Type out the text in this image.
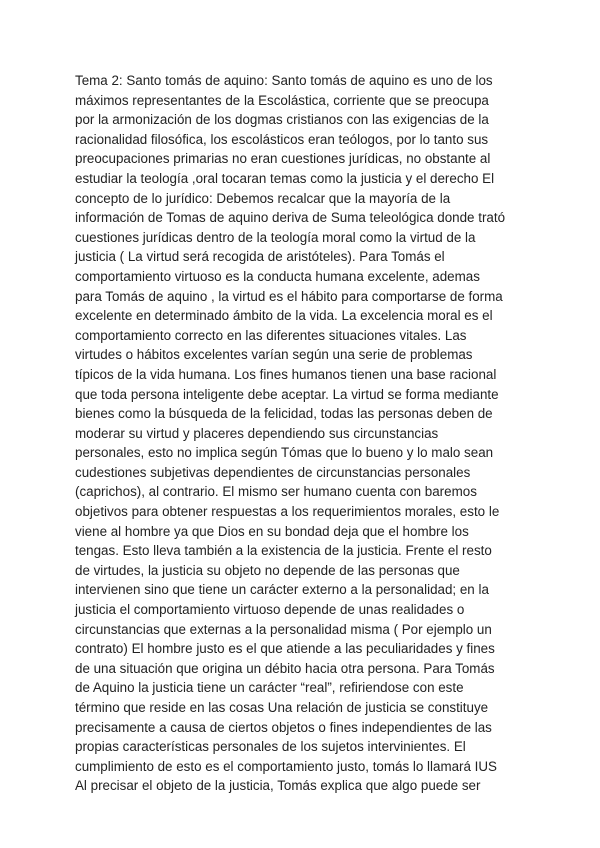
Tema 2: Santo tomás de aquino: Santo tomás de aquino es uno de los
máximos representantes de la Escolástica, corriente que se preocupa
por la armonización de los dogmas cristianos con las exigencias de la
racionalidad filosófica, los escolásticos eran teólogos, por lo tanto sus
preocupaciones primarias no eran cuestiones jurídicas, no obstante al
estudiar la teología ,oral tocaran temas como la justicia y el derecho El
concepto de lo jurídico: Debemos recalcar que la mayoría de la
información de Tomas de aquino deriva de Suma teleológica donde trató
cuestiones jurídicas dentro de la teología moral como la virtud de la
justicia ( La virtud será recogida de aristóteles). Para Tomás el
comportamiento virtuoso es la conducta humana excelente, ademas
para Tomás de aquino , la virtud es el hábito para comportarse de forma
excelente en determinado ámbito de la vida. La excelencia moral es el
comportamiento correcto en las diferentes situaciones vitales. Las
virtudes o hábitos excelentes varían según una serie de problemas
típicos de la vida humana. Los fines humanos tienen una base racional
que toda persona inteligente debe aceptar. La virtud se forma mediante
bienes como la búsqueda de la felicidad, todas las personas deben de
moderar su virtud y placeres dependiendo sus circunstancias
personales, esto no implica según Tómas que lo bueno y lo malo sean
cudestiones subjetivas dependientes de circunstancias personales
(caprichos), al contrario. El mismo ser humano cuenta con baremos
objetivos para obtener respuestas a los requerimientos morales, esto le
viene al hombre ya que Dios en su bondad deja que el hombre los
tengas. Esto lleva también a la existencia de la justicia. Frente el resto
de virtudes, la justicia su objeto no depende de las personas que
intervienen sino que tiene un carácter externo a la personalidad; en la
justicia el comportamiento virtuoso depende de unas realidades o
circunstancias que externas a la personalidad misma ( Por ejemplo un
contrato) El hombre justo es el que atiende a las peculiaridades y fines
de una situación que origina un débito hacia otra persona. Para Tomás
de Aquino la justicia tiene un carácter “real”, refiriendose con este
término que reside en las cosas Una relación de justicia se constituye
precisamente a causa de ciertos objetos o fines independientes de las
propias características personales de los sujetos intervinientes. El
cumplimiento de esto es el comportamiento justo, tomás lo llamará IUS
Al precisar el objeto de la justicia, Tomás explica que algo puede ser
